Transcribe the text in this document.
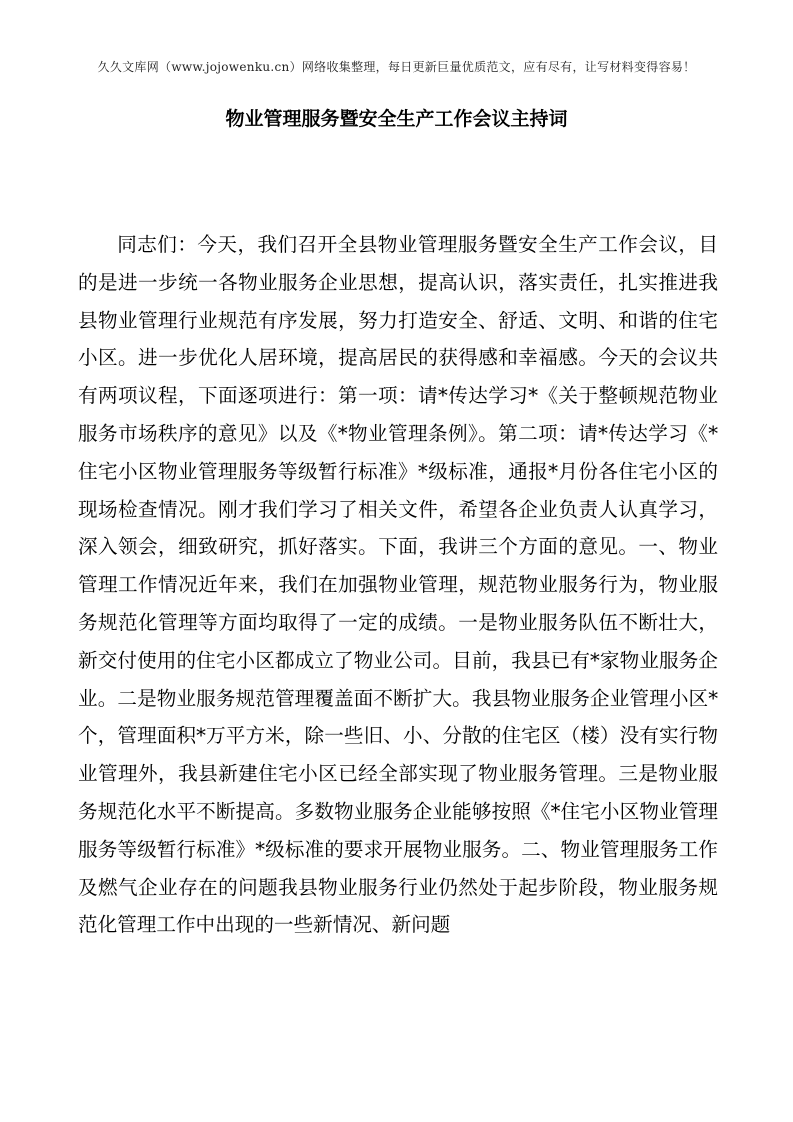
久久文库网（www.jojowenku.cn）网络收集整理，每日更新巨量优质范文，应有尽有，让写材料变得容易！
物业管理服务暨安全生产工作会议主持词

同志们：今天，我们召开全县物业管理服务暨安全生产工作会议，目的是进一步统一各物业服务企业思想，提高认识，落实责任，扎实推进我县物业管理行业规范有序发展，努力打造安全、舒适、文明、和谐的住宅小区。进一步优化人居环境，提高居民的获得感和幸福感。今天的会议共有两项议程，下面逐项进行：第一项：请*传达学习*《关于整顿规范物业服务市场秩序的意见》以及《*物业管理条例》。第二项：请*传达学习《*住宅小区物业管理服务等级暂行标准》*级标准，通报*月份各住宅小区的现场检查情况。刚才我们学习了相关文件，希望各企业负责人认真学习，深入领会，细致研究，抓好落实。下面，我讲三个方面的意见。一、物业管理工作情况近年来，我们在加强物业管理，规范物业服务行为，物业服务规范化管理等方面均取得了一定的成绩。一是物业服务队伍不断壮大，新交付使用的住宅小区都成立了物业公司。目前，我县已有*家物业服务企业。二是物业服务规范管理覆盖面不断扩大。我县物业服务企业管理小区*个，管理面积*万平方米，除一些旧、小、分散的住宅区（楼）没有实行物业管理外，我县新建住宅小区已经全部实现了物业服务管理。三是物业服务规范化水平不断提高。多数物业服务企业能够按照《*住宅小区物业管理服务等级暂行标准》*级标准的要求开展物业服务。二、物业管理服务工作及燃气企业存在的问题我县物业服务行业仍然处于起步阶段，物业服务规范化管理工作中出现的一些新情况、新问题
